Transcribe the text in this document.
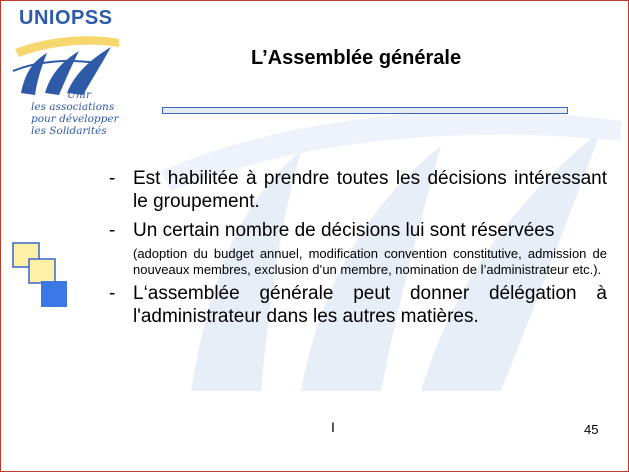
UNIOPSS
Unir
les associations
pour développer
les Solidarités
L’Assemblée générale
- Est habilitée à prendre toutes les décisions intéressant le groupement.
- Un certain nombre de décisions lui sont réservées
(adoption du budget annuel, modification convention constitutive, admission de nouveaux membres, exclusion d’un membre, nomination de l’administrateur etc.).
- L‘assemblée générale peut donner délégation à l'administrateur dans les autres matières.
I	45
